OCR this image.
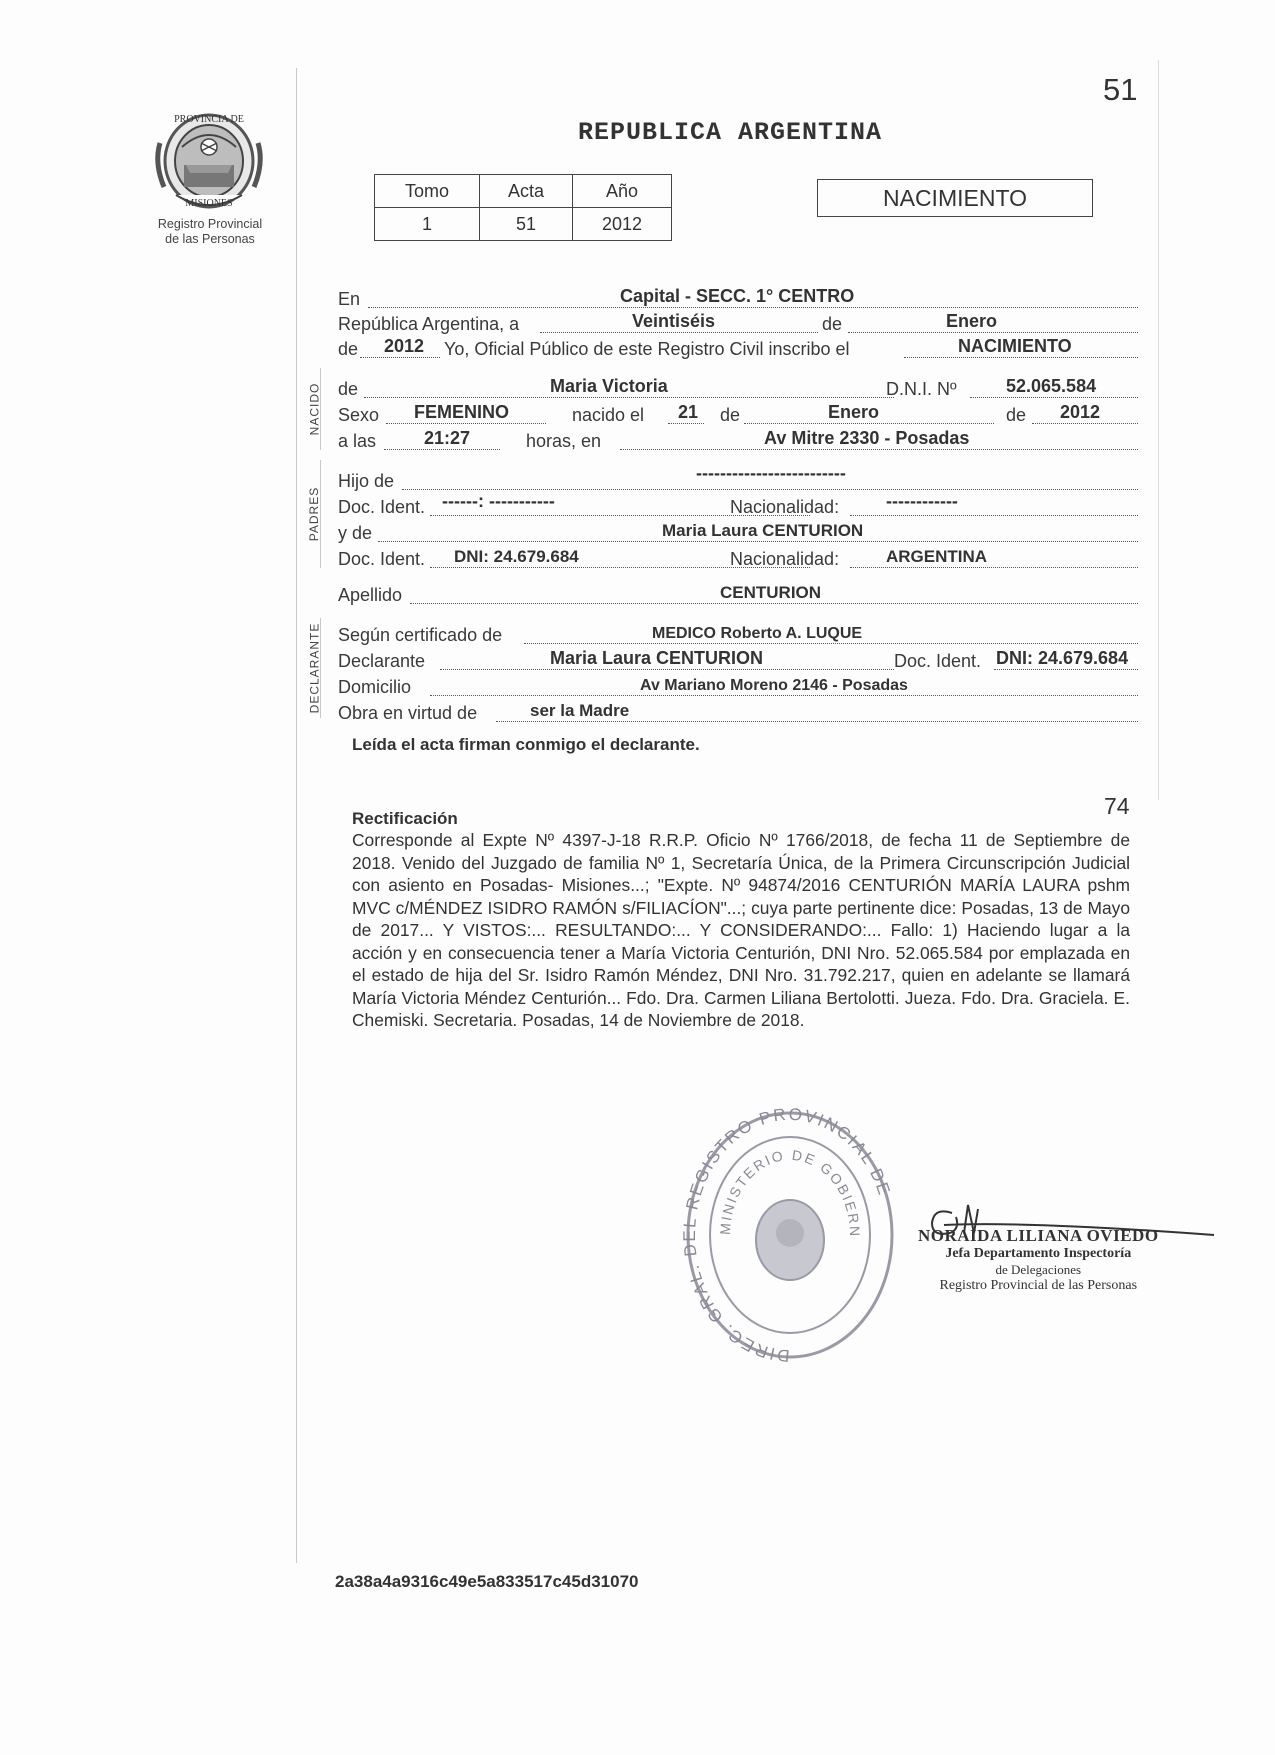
51
PROVINCIA DE
MISIONES
Registro Provincial
de las Personas
REPUBLICA ARGENTINA
Tomo	Acta	Año
1	51	2012
NACIMIENTO
NACIDO
PADRES
DECLARANTE
En	Capital - SECC. 1° CENTRO
República Argentina, a	Veintiséis	de	Enero
de 2012 Yo, Oficial Público de este Registro Civil inscribo el	NACIMIENTO
de	Maria Victoria	D.N.I. Nº	52.065.584
Sexo FEMENINO	nacido el 21 de	Enero	de 2012
a las	21:27	horas, en	Av Mitre 2330 - Posadas
Hijo de	-------------------------
Doc. Ident. ------: -----------	Nacionalidad:	------------
y de	Maria Laura CENTURION
Doc. Ident. DNI: 24.679.684	Nacionalidad:	ARGENTINA
Apellido	CENTURION
Según certificado de	MEDICO Roberto A. LUQUE
Declarante	Maria Laura CENTURION	Doc. Ident. DNI: 24.679.684
Domicilio	Av Mariano Moreno 2146 - Posadas
Obra en virtud de	ser la Madre
Leída el acta firman conmigo el declarante.
74
Rectificación
Corresponde al Expte Nº 4397-J-18 R.R.P. Oficio Nº 1766/2018, de fecha 11 de Septiembre de 2018. Venido del Juzgado de familia Nº 1, Secretaría Única, de la Primera Circunscripción Judicial con asiento en Posadas- Misiones...; "Expte. Nº 94874/2016 CENTURIÓN MARÍA LAURA pshm MVC c/MÉNDEZ ISIDRO RAMÓN s/FILIACÍON"...; cuya parte pertinente dice: Posadas, 13 de Mayo de 2017... Y VISTOS:... RESULTANDO:... Y CONSIDERANDO:... Fallo: 1) Haciendo lugar a la acción y en consecuencia tener a María Victoria Centurión, DNI Nro. 52.065.584 por emplazada en el estado de hija del Sr. Isidro Ramón Méndez, DNI Nro. 31.792.217, quien en adelante se llamará María Victoria Méndez Centurión... Fdo. Dra. Carmen Liliana Bertolotti. Jueza. Fdo. Dra. Graciela. E. Chemiski. Secretaria. Posadas, 14 de Noviembre de 2018.
DIREC. GRAL. DEL REGISTRO PROVINCIAL DE
MINISTERIO DE GOBIERN	NORAIDA LILIANA OVIEDO
Jefa Departamento Inspectoría
de Delegaciones
Registro Provincial de las Personas
2a38a4a9316c49e5a833517c45d31070
